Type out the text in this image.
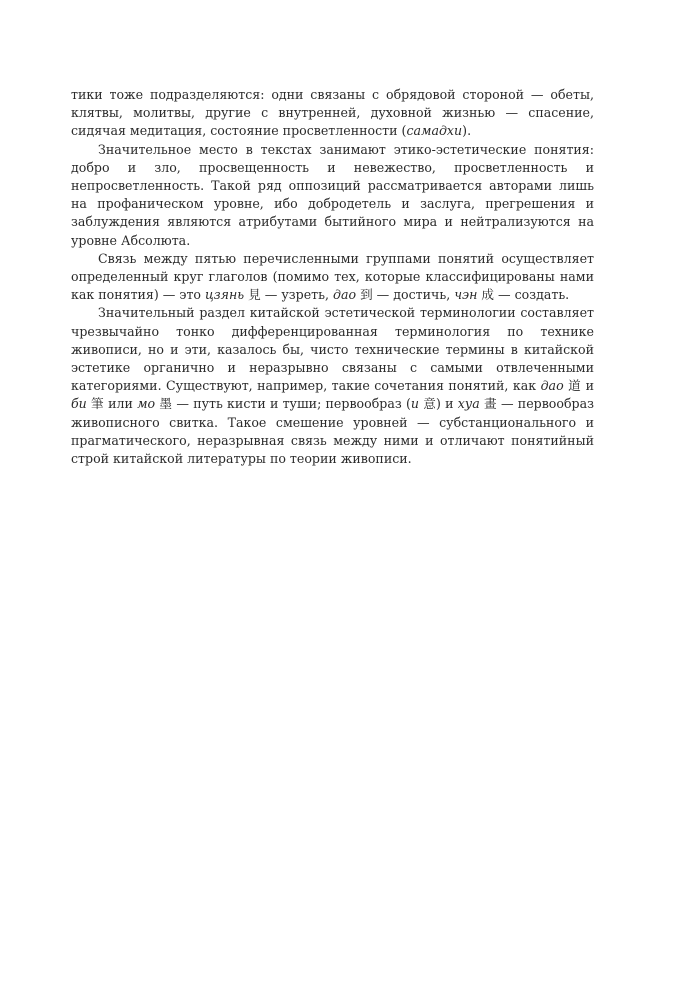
тики тоже подразделяются: одни связаны с обрядовой стороной — обеты, клятвы, молитвы, другие с внутренней, духовной жизнью — спасение, сидячая медитация, состояние просветленности (самадхи).

Значительное место в текстах занимают этико-эстетические понятия: добро и зло, просвещенность и невежество, просветленность и непросветленность. Такой ряд оппозиций рассматривается авторами лишь на профаническом уровне, ибо добродетель и заслуга, прегрешения и заблуждения являются атрибутами бытийного мира и нейтрализуются на уровне Абсолюта.

Связь между пятью перечисленными группами понятий осуществляет определенный круг глаголов (помимо тех, которые классифицированы нами как понятия) — это цзянь 見 — узреть, дао 到 — достичь, чэн 成 — создать.

Значительный раздел китайской эстетической терминологии составляет чрезвычайно тонко дифференцированная терминология по технике живописи, но и эти, казалось бы, чисто технические термины в китайской эстетике органично и неразрывно связаны с самыми отвлеченными категориями. Существуют, например, такие сочетания понятий, как дао 道 и би 筆 или мо 墨 — путь кисти и туши; первообраз (и 意) и хуа 畫 — первообраз живописного свитка. Такое смешение уровней — субстанционального и прагматического, неразрывная связь между ними и отличают понятийный строй китайской литературы по теории живописи.
